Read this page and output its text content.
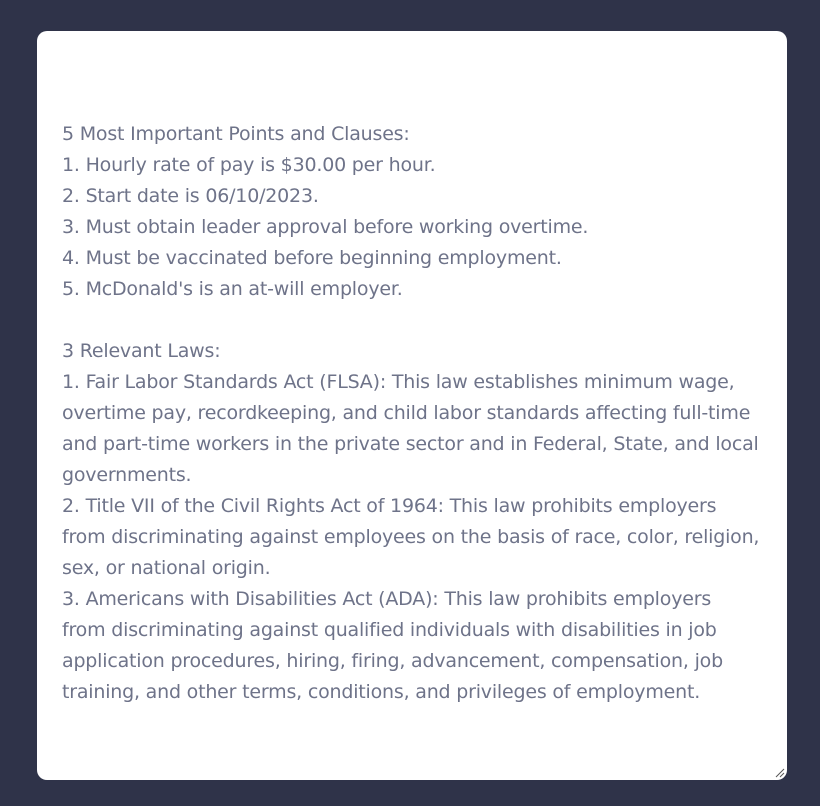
5 Most Important Points and Clauses:
1. Hourly rate of pay is $30.00 per hour.
2. Start date is 06/10/2023.
3. Must obtain leader approval before working overtime.
4. Must be vaccinated before beginning employment.
5. McDonald's is an at-will employer.
3 Relevant Laws:
1. Fair Labor Standards Act (FLSA): This law establishes minimum wage,
overtime pay, recordkeeping, and child labor standards affecting full-time
and part-time workers in the private sector and in Federal, State, and local
governments.
2. Title VII of the Civil Rights Act of 1964: This law prohibits employers
from discriminating against employees on the basis of race, color, religion,
sex, or national origin.
3. Americans with Disabilities Act (ADA): This law prohibits employers
from discriminating against qualified individuals with disabilities in job
application procedures, hiring, firing, advancement, compensation, job
training, and other terms, conditions, and privileges of employment.
